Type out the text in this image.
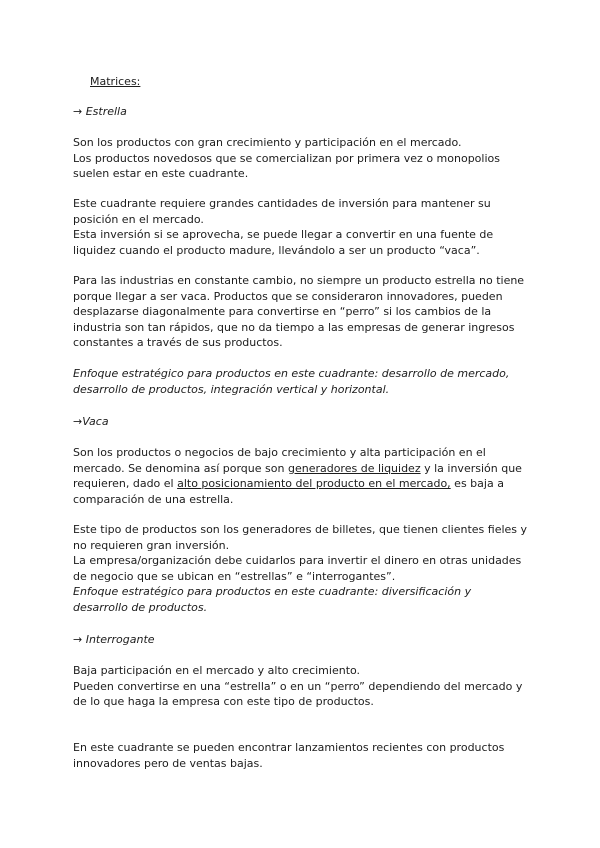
Matrices:
→ Estrella
Son los productos con gran crecimiento y participación en el mercado.
Los productos novedosos que se comercializan por primera vez o monopolios
suelen estar en este cuadrante.
Este cuadrante requiere grandes cantidades de inversión para mantener su
posición en el mercado.
Esta inversión si se aprovecha, se puede llegar a convertir en una fuente de
liquidez cuando el producto madure, llevándolo a ser un producto “vaca”.
Para las industrias en constante cambio, no siempre un producto estrella no tiene
porque llegar a ser vaca. Productos que se consideraron innovadores, pueden
desplazarse diagonalmente para convertirse en “perro” si los cambios de la
industria son tan rápidos, que no da tiempo a las empresas de generar ingresos
constantes a través de sus productos.
Enfoque estratégico para productos en este cuadrante: desarrollo de mercado,
desarrollo de productos, integración vertical y horizontal.
→Vaca
Son los productos o negocios de bajo crecimiento y alta participación en el
mercado. Se denomina así porque son generadores de liquidez y la inversión que
requieren, dado el alto posicionamiento del producto en el mercado, es baja a
comparación de una estrella.
Este tipo de productos son los generadores de billetes, que tienen clientes fieles y
no requieren gran inversión.
La empresa/organización debe cuidarlos para invertir el dinero en otras unidades
de negocio que se ubican en “estrellas” e “interrogantes”.
Enfoque estratégico para productos en este cuadrante: diversificación y
desarrollo de productos.
→ Interrogante
Baja participación en el mercado y alto crecimiento.
Pueden convertirse en una “estrella” o en un “perro” dependiendo del mercado y
de lo que haga la empresa con este tipo de productos.
En este cuadrante se pueden encontrar lanzamientos recientes con productos
innovadores pero de ventas bajas.
